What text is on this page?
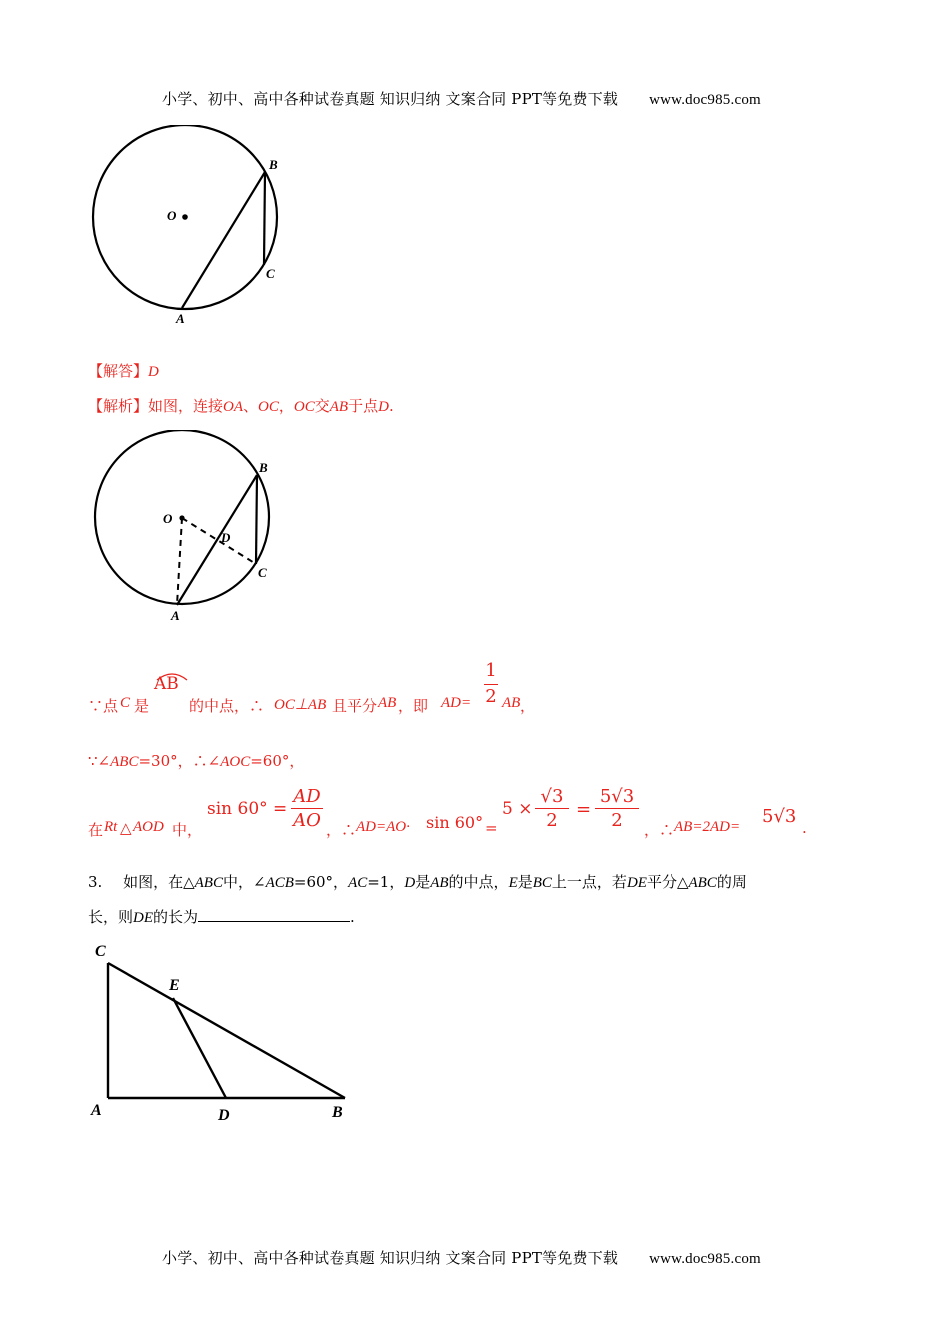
小学、初中、高中各种试卷真题 知识归纳 文案合同 PPT等免费下载 www.doc985.com
O
B
C
A
【解答】D
【解析】如图，连接OA、OC，OC交AB于点D.
O
B
D
C
A
∵点 C 是
AB
的中点，∴ OC⊥AB 且平分 AB ，即 AD=
1
2 AB ，
∵∠ABC=30°，∴∠AOC=60°，
在 Rt △ AOD 中，
sin 60° =
AD
AO ，∴ AD=AO· sin 60° =
5 ×
√3
2
=
5√3
2	，∴ AB=2AD= 5√3
.
3. 如图，在△ABC中，∠ACB=60°，AC=1，D是AB的中点，E是BC上一点，若DE平分△ABC的周
长，则DE的长为	.
C
E
A	D	B
小学、初中、高中各种试卷真题 知识归纳 文案合同 PPT等免费下载 www.doc985.com
